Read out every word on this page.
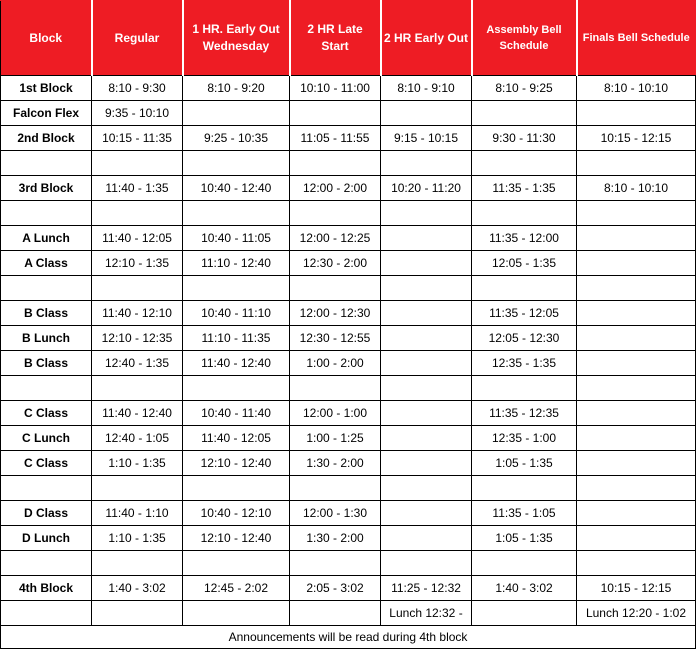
Block	Regular	1 HR. Early Out Wednesday	2 HR Late Start	2 HR Early Out	Assembly Bell Schedule	Finals Bell Schedule
1st Block	8:10 - 9:30	8:10 - 9:20	10:10 - 11:00	8:10 - 9:10	8:10 - 9:25	8:10 - 10:10
Falcon Flex	9:35 - 10:10					
2nd Block	10:15 - 11:35	9:25 - 10:35	11:05 - 11:55	9:15 - 10:15	9:30 - 11:30	10:15 - 12:15

3rd Block	11:40 - 1:35	10:40 - 12:40	12:00 - 2:00	10:20 - 11:20	11:35 - 1:35	8:10 - 10:10

A Lunch	11:40 - 12:05	10:40 - 11:05	12:00 - 12:25		11:35 - 12:00	
A Class	12:10 - 1:35	11:10 - 12:40	12:30 - 2:00		12:05 - 1:35	

B Class	11:40 - 12:10	10:40 - 11:10	12:00 - 12:30		11:35 - 12:05	
B Lunch	12:10 - 12:35	11:10 - 11:35	12:30 - 12:55		12:05 - 12:30	
B Class	12:40 - 1:35	11:40 - 12:40	1:00 - 2:00		12:35 - 1:35	

C Class	11:40 - 12:40	10:40 - 11:40	12:00 - 1:00		11:35 - 12:35	
C Lunch	12:40 - 1:05	11:40 - 12:05	1:00 - 1:25		12:35 - 1:00	
C Class	1:10 - 1:35	12:10 - 12:40	1:30 - 2:00		1:05 - 1:35	

D Class	11:40 - 1:10	10:40 - 12:10	12:00 - 1:30		11:35 - 1:05	
D Lunch	1:10 - 1:35	12:10 - 12:40	1:30 - 2:00		1:05 - 1:35	

4th Block	1:40 - 3:02	12:45 - 2:02	2:05 - 3:02	11:25 - 12:32	1:40 - 3:02	10:15 - 12:15
				Lunch 12:32 -		Lunch 12:20 - 1:02
Announcements will be read during 4th block						
